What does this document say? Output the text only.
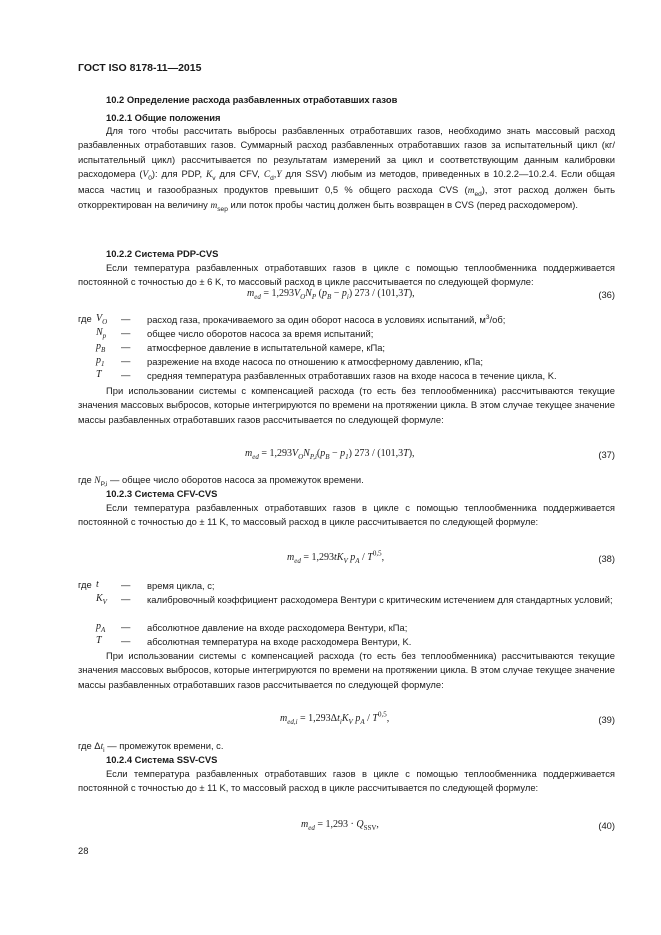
ГОСТ ISO 8178-11—2015

10.2 Определение расхода разбавленных отработавших газов

10.2.1 Общие положения

Для того чтобы рассчитать выбросы разбавленных отработавших газов, необходимо знать массовый расход разбавленных отработавших газов. Суммарный расход разбавленных отработавших газов за испытательный цикл (кг/испытательный цикл) рассчитывается по результатам измерений за цикл и соответствующим данным калибровки расходомера $(V_0)$: для PDP, $K_v$ для CFV, $C_d,Y$ для SSV) любым из методов, приведенных в 10.2.2—10.2.4. Если общая масса частиц и газообразных продуктов превышит 0,5 % общего расхода CVS $(m_{ed})$, этот расход должен быть откорректирован на величину $m_{sep}$ или поток пробы частиц должен быть возвращен в CVS (перед расходомером).

10.2.2 Система PDP-CVS

Если температура разбавленных отработавших газов в цикле с помощью теплообменника поддерживается постоянной с точностью до ± 6 K, то массовый расход в цикле рассчитывается по следующей формуле:

$m_{ed} = 1,293V_ON_P$ $(p_B - p_i)$ 273 / (101,3T),	(36)
где $V_O$ — расход газа, прокачиваемого за один оборот насоса в условиях испытаний, $м^3/об$;

$N_p$ — общее число оборотов насоса за время испытаний;

$p_B$ — атмосферное давление в испытательной камере, кПа;

$p_1$ — разрежение на входе насоса по отношению к атмосферному давлению, кПа;

T — средняя температура разбавленных отработавших газов на входе насоса в течение цикла, K.

При использовании системы с компенсацией расхода (то есть без теплообменника) рассчитываются текущие значения массовых выбросов, которые интегрируются по времени на протяжении цикла. В этом случае текущее значение массы разбавленных отработавших газов рассчитывается по следующей формуле:

$m_{ed} = 1,293V_ON_{P,i}(p_B - p_1)$ 273 / (101,3T),	(37)
где $N_{P,i}$ — общее число оборотов насоса за промежуток времени.

10.2.3 Система CFV-CVS

Если температура разбавленных отработавших газов в цикле с помощью теплообменника поддерживается постоянной с точностью до ± 11 K, то массовый расход в цикле рассчитывается по следующей формуле:

$m_{ed} = 1,293tK_V$ $p_A / T^{0,5}$,	(38)
где t — время цикла, с;

$K_V$ — калибровочный коэффициент расходомера Вентури с критическим истечением для стандартных условий;

$p_A$ — абсолютное давление на входе расходомера Вентури, кПа;

T — абсолютная температура на входе расходомера Вентури, K.

При использовании системы с компенсацией расхода (то есть без теплообменника) рассчитываются текущие значения массовых выбросов, которые интегрируются по времени на протяжении цикла. В этом случае текущее значение массы разбавленных отработавших газов рассчитывается по следующей формуле:

$m_{ed,i} = 1,293\Delta t_iK_V$ $p_A / T^{0,5}$,	(39)
где $\Delta t_i$ — промежуток времени, с.

10.2.4 Система SSV-CVS

Если температура разбавленных отработавших газов в цикле с помощью теплообменника поддерживается постоянной с точностью до ± 11 K, то массовый расход в цикле рассчитывается по следующей формуле:

$m_{ed} = 1,293 \cdot Q_{SSV}$,	(40)
28
